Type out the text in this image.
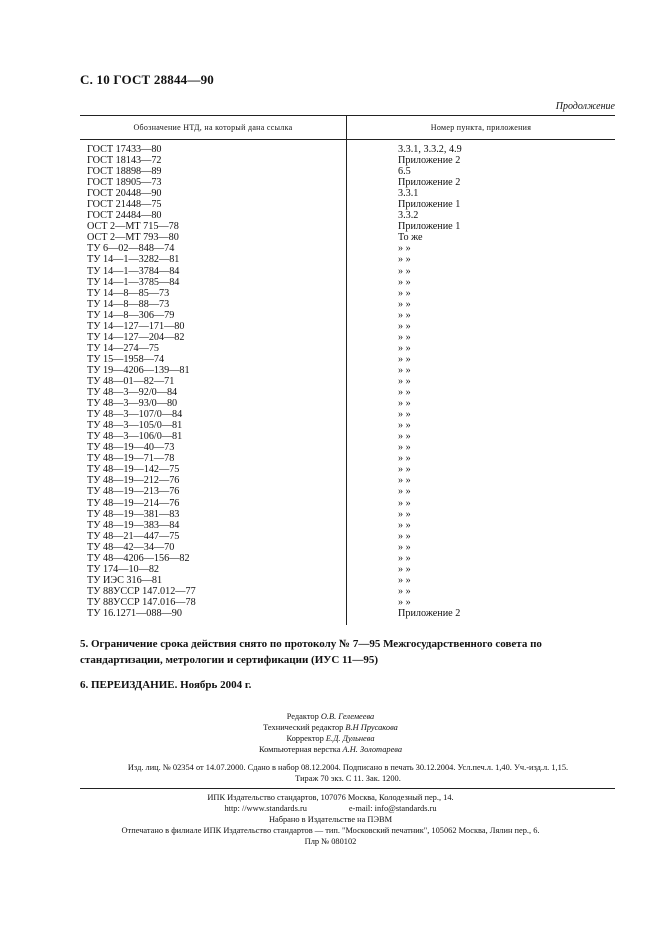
С. 10 ГОСТ 28844—90
Продолжение
Обозначение НТД, на который дана ссылка	Номер пункта, приложения
ГОСТ 17433—80
ГОСТ 18143—72
ГОСТ 18898—89
ГОСТ 18905—73
ГОСТ 20448—90
ГОСТ 21448—75
ГОСТ 24484—80
ОСТ 2—МТ 715—78
ОСТ 2—МТ 793—80
ТУ 6—02—848—74
ТУ 14—1—3282—81
ТУ 14—1—3784—84
ТУ 14—1—3785—84
ТУ 14—8—85—73
ТУ 14—8—88—73
ТУ 14—8—306—79
ТУ 14—127—171—80
ТУ 14—127—204—82
ТУ 14—274—75
ТУ 15—1958—74
ТУ 19—4206—139—81
ТУ 48—01—82—71
ТУ 48—3—92/0—84
ТУ 48—3—93/0—80
ТУ 48—3—107/0—84
ТУ 48—3—105/0—81
ТУ 48—3—106/0—81
ТУ 48—19—40—73
ТУ 48—19—71—78
ТУ 48—19—142—75
ТУ 48—19—212—76
ТУ 48—19—213—76
ТУ 48—19—214—76
ТУ 48—19—381—83
ТУ 48—19—383—84
ТУ 48—21—447—75
ТУ 48—42—34—70
ТУ 48—4206—156—82
ТУ 174—10—82
ТУ ИЭС 316—81
ТУ 88УССР 147.012—77
ТУ 88УССР 147.016—78
ТУ 16.1271—088—90
3.3.1, 3.3.2, 4.9
Приложение 2
6.5
Приложение 2
3.3.1
Приложение 1
3.3.2
Приложение 1
То же
» »
» »
» »
» »
» »
» »
» »
» »
» »
» »
» »
» »
» »
» »
» »
» »
» »
» »
» »
» »
» »
» »
» »
» »
» »
» »
» »
» »
» »
» »
» »
» »
» »
Приложение 2
5. Ограничение срока действия снято по протоколу № 7—95 Межгосударственного совета по стандартизации, метрологии и сертификации (ИУС 11—95)
6. ПЕРЕИЗДАНИЕ. Ноябрь 2004 г.
Редактор О.В. Гелемеева
Технический редактор В.Н Прусакова
Корректор Е.Д. Дульнева
Компьютерная верстка А.Н. Золотарева
Изд. лиц. № 02354 от 14.07.2000. Сдано в набор 08.12.2004. Подписано в печать 30.12.2004. Усл.печ.л. 1,40. Уч.-изд.л. 1,15.
Тираж 70 экз. С 11. Зак. 1200.
ИПК Издательство стандартов, 107076 Москва, Колодезный пер., 14.
http: //www.standards.ru                    e-mail: info@standards.ru
Набрано в Издательстве на ПЭВМ
Отпечатано в филиале ИПК Издательство стандартов — тип. "Московский печатник", 105062 Москва, Лялин пер., 6.
Плр № 080102
